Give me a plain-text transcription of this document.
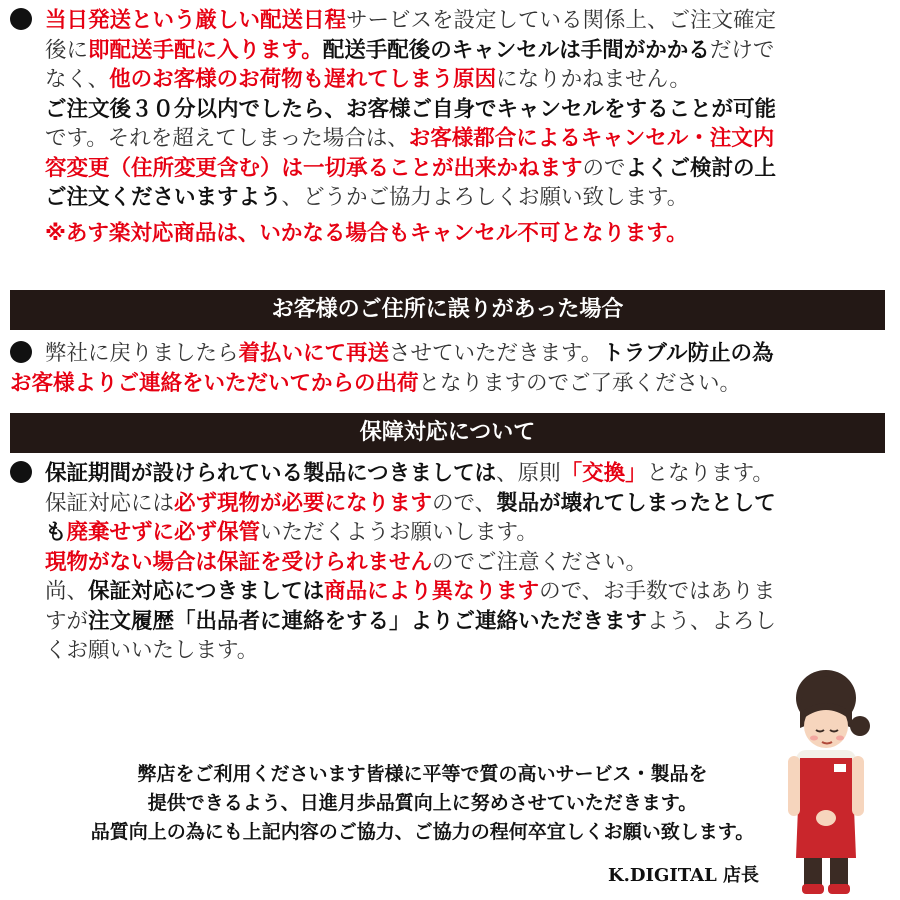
当日発送という厳しい配送日程サービスを設定している関係上、ご注文確定
後に即配送手配に入ります。配送手配後のキャンセルは手間がかかるだけで
なく、他のお客様のお荷物も遅れてしまう原因になりかねません。
ご注文後３０分以内でしたら、お客様ご自身でキャンセルをすることが可能
です。それを超えてしまった場合は、お客様都合によるキャンセル・注文内
容変更（住所変更含む）は一切承ることが出来かねますのでよくご検討の上
ご注文くださいますよう、どうかご協力よろしくお願い致します。
※あす楽対応商品は、いかなる場合もキャンセル不可となります。
お客様のご住所に誤りがあった場合
弊社に戻りましたら着払いにて再送させていただきます。トラブル防止の為
お客様よりご連絡をいただいてからの出荷となりますのでご了承ください。
保障対応について
保証期間が設けられている製品につきましては、原則「交換」となります。
保証対応には必ず現物が必要になりますので、製品が壊れてしまったとして
も廃棄せずに必ず保管いただくようお願いします。
現物がない場合は保証を受けられませんのでご注意ください。
尚、保証対応につきましては商品により異なりますので、お手数ではありま
すが注文履歴「出品者に連絡をする」よりご連絡いただきますよう、よろし
くお願いいたします。
弊店をご利用くださいます皆様に平等で質の高いサービス・製品を
提供できるよう、日進月歩品質向上に努めさせていただきます。
品質向上の為にも上記内容のご協力、ご協力の程何卒宜しくお願い致します。
K.DIGITAL 店長
